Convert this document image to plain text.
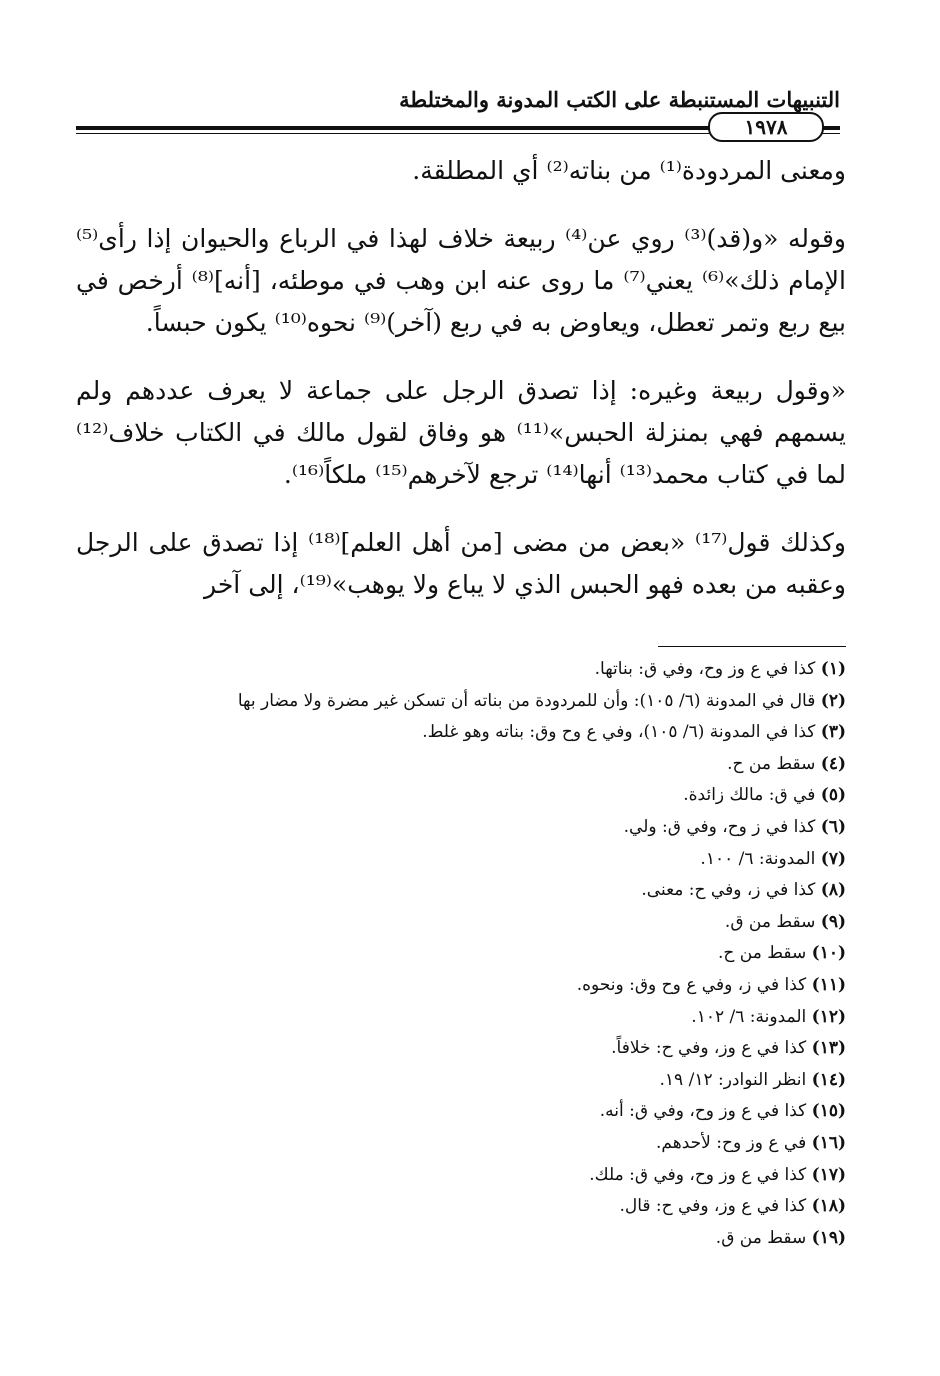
التنبيهات المستنبطة على الكتب المدونة والمختلطة
١٩٧٨

ومعنى المردودة⁽¹⁾ من بناته⁽²⁾ أي المطلقة.

وقوله «و(قد)⁽³⁾ روي عن⁽⁴⁾ ربيعة خلاف لهذا في الرباع والحيوان إذا رأى⁽⁵⁾ الإمام ذلك»⁽⁶⁾ يعني⁽⁷⁾ ما روى عنه ابن وهب في موطئه، [أنه]⁽⁸⁾ أرخص في بيع ربع وتمر تعطل، ويعاوض به في ربع (آخر)⁽⁹⁾ نحوه⁽¹⁰⁾ يكون حبساً.

«وقول ربيعة وغيره: إذا تصدق الرجل على جماعة لا يعرف عددهم ولم يسمهم فهي بمنزلة الحبس»⁽¹¹⁾ هو وفاق لقول مالك في الكتاب خلاف⁽¹²⁾ لما في كتاب محمد⁽¹³⁾ أنها⁽¹⁴⁾ ترجع لآخرهم⁽¹⁵⁾ ملكاً⁽¹⁶⁾.

وكذلك قول⁽¹⁷⁾ «بعض من مضى [من أهل العلم]⁽¹⁸⁾ إذا تصدق على الرجل وعقبه من بعده فهو الحبس الذي لا يباع ولا يوهب»⁽¹⁹⁾، إلى آخر

(١) كذا في ع وز وح، وفي ق: بناتها.
(٢) قال في المدونة (٦/ ١٠٥): وأن للمردودة من بناته أن تسكن غير مضرة ولا مضار بها
(٣) كذا في المدونة (٦/ ١٠٥)، وفي ع وح وق: بناته وهو غلط.
(٤) سقط من ح.
(٥) في ق: مالك زائدة.
(٦) كذا في ز وح، وفي ق: ولي.
(٧) المدونة: ٦/ ١٠٠.
(٨) كذا في ز، وفي ح: معنى.
(٩) سقط من ق.
(١٠) سقط من ح.
(١١) كذا في ز، وفي ع وح وق: ونحوه.
(١٢) المدونة: ٦/ ١٠٢.
(١٣) كذا في ع وز، وفي ح: خلافاً.
(١٤) انظر النوادر: ١٢/ ١٩.
(١٥) كذا في ع وز وح، وفي ق: أنه.
(١٦) في ع وز وح: لأحدهم.
(١٧) كذا في ع وز وح، وفي ق: ملك.
(١٨) كذا في ع وز، وفي ح: قال.
(١٩) سقط من ق.
